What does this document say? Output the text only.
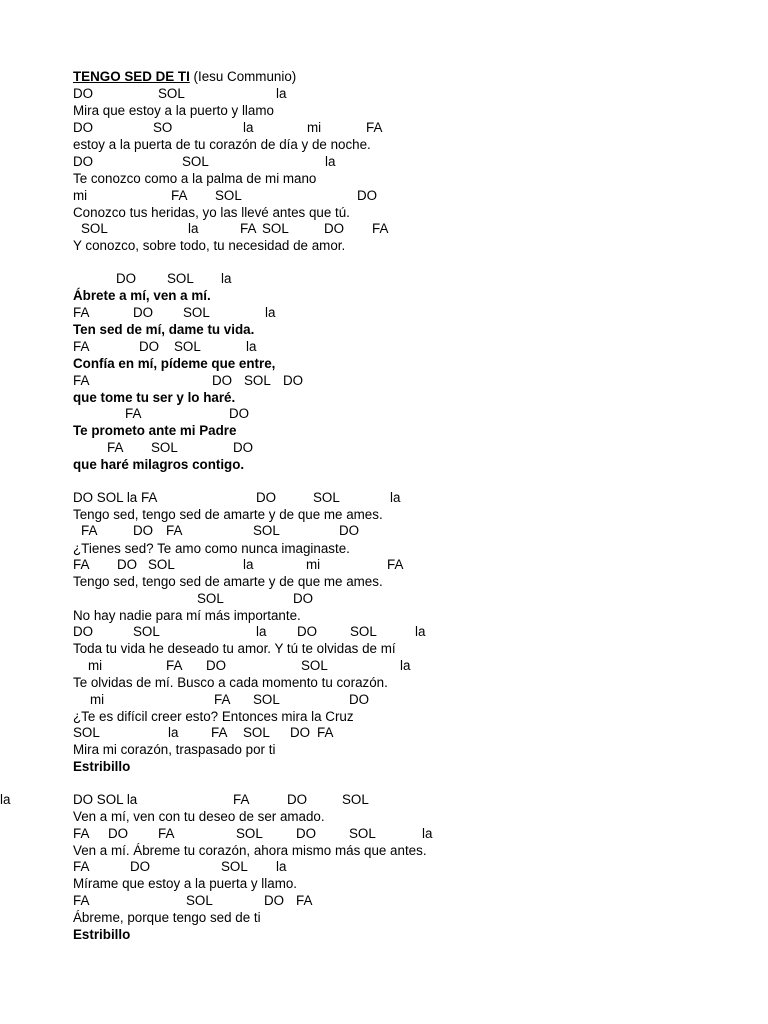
TENGO SED DE TI (Iesu Communio)
DO	SOL	la
Mira que estoy a la puerto y llamo
DO	SO	la	mi	FA
estoy a la puerta de tu corazón de día y de noche.
DO	SOL	la
Te conozco como a la palma de mi mano
mi	FA SOL	DO
Conozco tus heridas, yo las llevé antes que tú.
SOL	la	FA SOL	DO FA
Y conozco, sobre todo, tu necesidad de amor.
DO SOL la
Ábrete a mí, ven a mí.
FA	DO SOL	la
Ten sed de mí, dame tu vida.
FA	DO SOL	la
Confía en mí, pídeme que entre,
FA	DO SOL DO
que tome tu ser y lo haré.
FA	DO
Te prometo ante mi Padre
FA SOL	DO
que haré milagros contigo.
DO SOL la FA	DO	SOL	la
Tengo sed, tengo sed de amarte y de que me ames.
FA	DO FA	SOL	DO
¿Tienes sed? Te amo como nunca imaginaste.
FA DO SOL	la	mi	FA
Tengo sed, tengo sed de amarte y de que me ames.
SOL	DO
No hay nadie para mí más importante.
DO	SOL	la DO SOL	la
Toda tu vida he deseado tu amor. Y tú te olvidas de mí
mi	FA DO	SOL	la
Te olvidas de mí. Busco a cada momento tu corazón.
mi	FA SOL	DO
¿Te es difícil creer esto? Entonces mira la Cruz
SOL	la FA SOL DO FA
Mira mi corazón, traspasado por ti
Estribillo
DO SOL la	FA	DO	SOL
la
Ven a mí, ven con tu deseo de ser amado.
FA DO FA	SOL DO SOL	la
Ven a mí. Ábreme tu corazón, ahora mismo más que antes.
FA	DO	SOL la
Mírame que estoy a la puerta y llamo.
FA	SOL	DO FA
Ábreme, porque tengo sed de ti
Estribillo
